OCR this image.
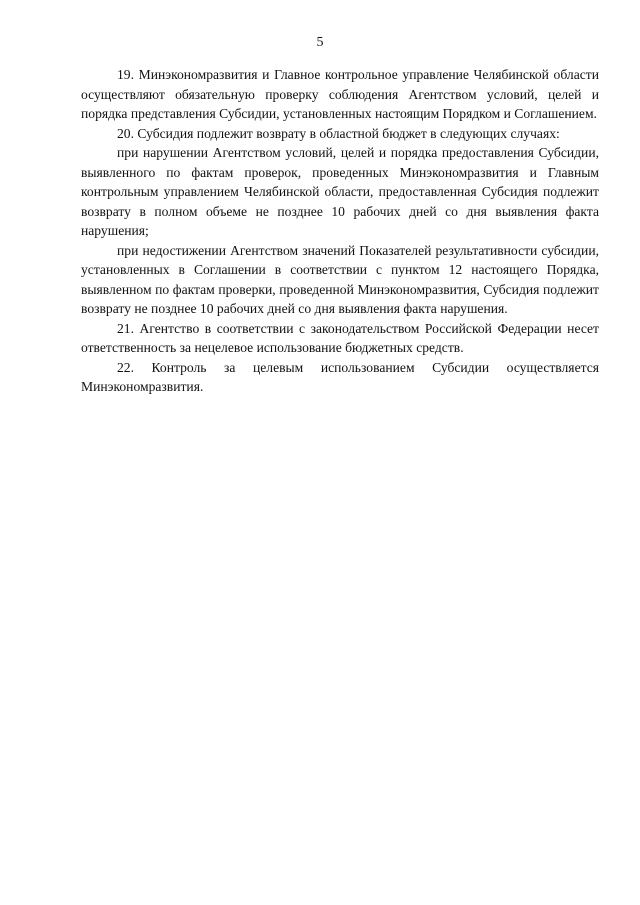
5

19. Минэкономразвития и Главное контрольное управление Челябинской области осуществляют обязательную проверку соблюдения Агентством условий, целей и порядка представления Субсидии, установленных настоящим Порядком и Соглашением.

20. Субсидия подлежит возврату в областной бюджет в следующих случаях:

при нарушении Агентством условий, целей и порядка предоставления Субсидии, выявленного по фактам проверок, проведенных Минэкономразвития и Главным контрольным управлением Челябинской области, предоставленная Субсидия подлежит возврату в полном объеме не позднее 10 рабочих дней со дня выявления факта нарушения;

при недостижении Агентством значений Показателей результативности субсидии, установленных в Соглашении в соответствии с пунктом 12 настоящего Порядка, выявленном по фактам проверки, проведенной Минэкономразвития, Субсидия подлежит возврату не позднее 10 рабочих дней со дня выявления факта нарушения.

21. Агентство в соответствии с законодательством Российской Федерации несет ответственность за нецелевое использование бюджетных средств.

22. Контроль за целевым использованием Субсидии осуществляется Минэкономразвития.
